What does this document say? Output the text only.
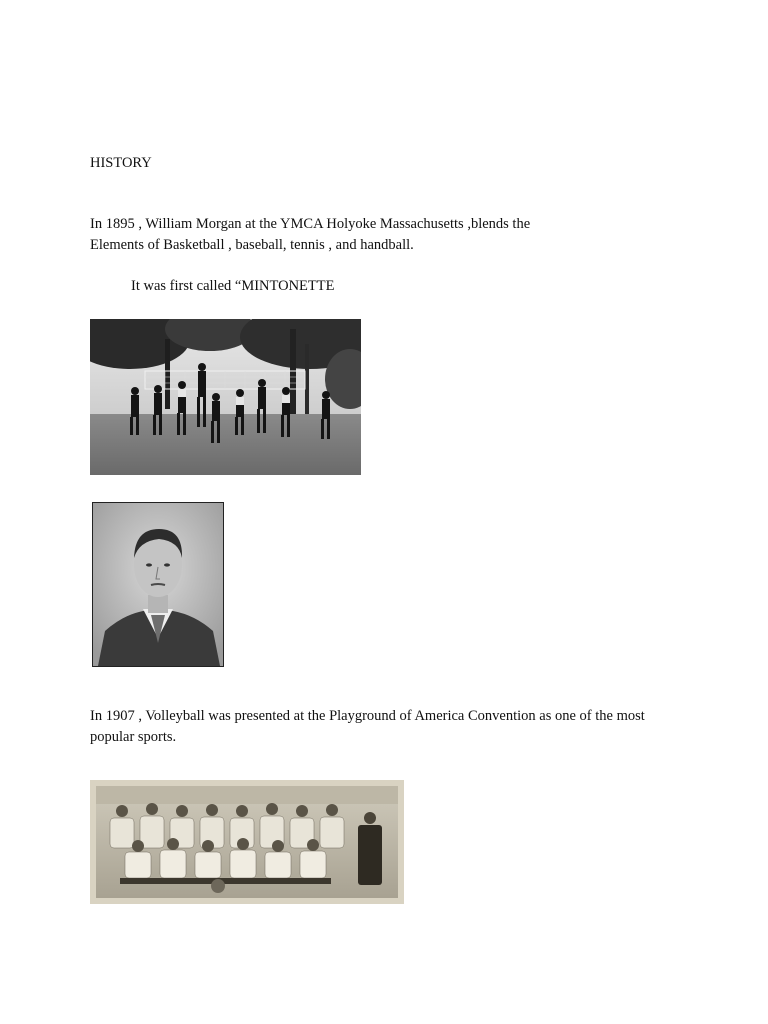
HISTORY

In 1895 , William Morgan at the YMCA Holyoke Massachusetts ,blends the Elements of Basketball , baseball, tennis , and handball.

It was first called “MINTONETTE

In 1907 , Volleyball was presented at the Playground of America Convention as one of the most popular sports.
